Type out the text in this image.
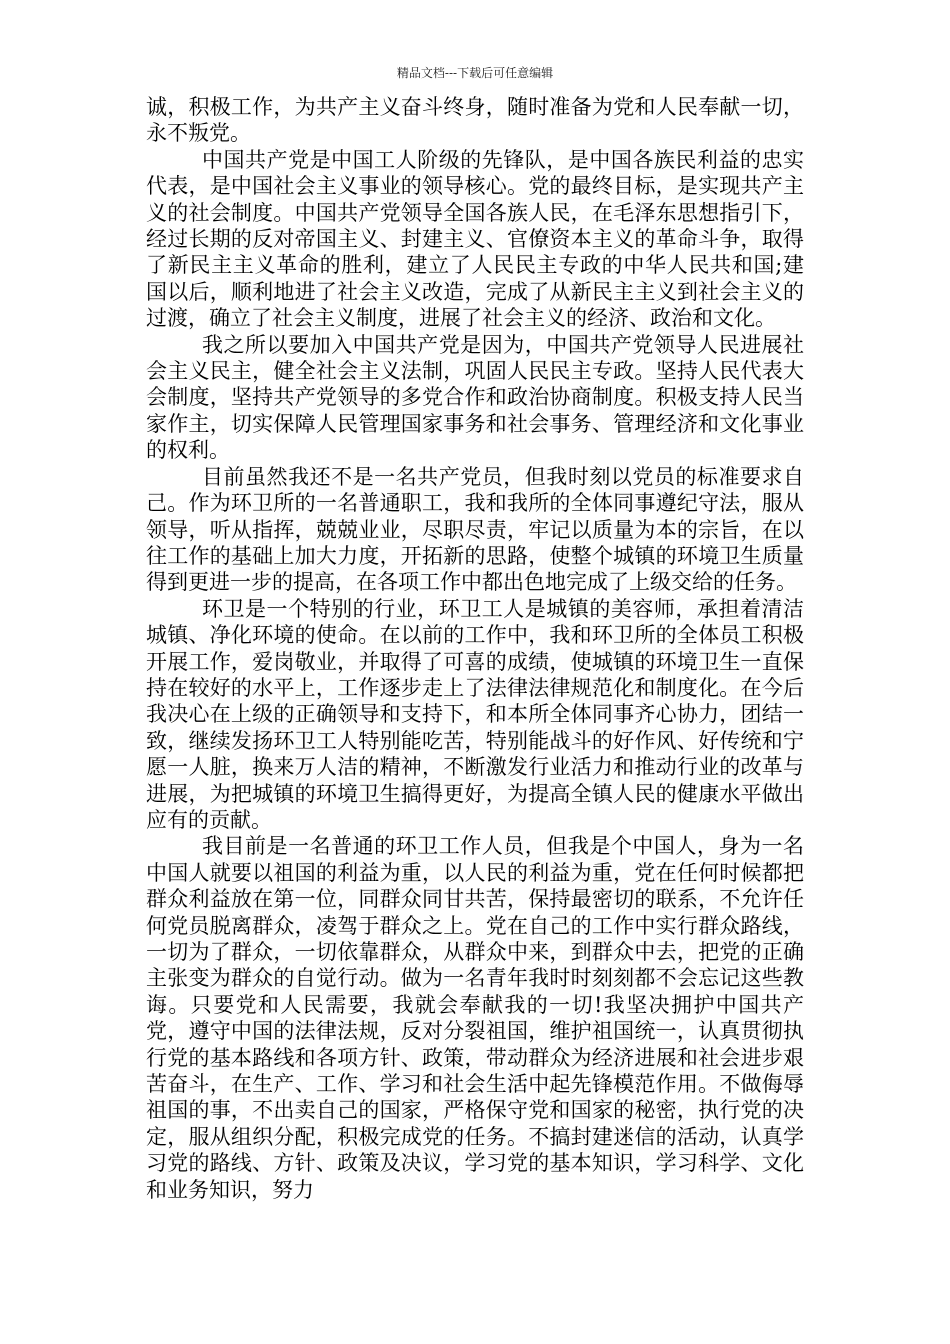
精品文档---下载后可任意编辑

诚，积极工作，为共产主义奋斗终身，随时准备为党和人民奉献一切，永不叛党。

中国共产党是中国工人阶级的先锋队，是中国各族民利益的忠实代表，是中国社会主义事业的领导核心。党的最终目标，是实现共产主义的社会制度。中国共产党领导全国各族人民，在毛泽东思想指引下，经过长期的反对帝国主义、封建主义、官僚资本主义的革命斗争，取得了新民主主义革命的胜利，建立了人民民主专政的中华人民共和国;建国以后，顺利地进了社会主义改造，完成了从新民主主义到社会主义的过渡，确立了社会主义制度，进展了社会主义的经济、政治和文化。

我之所以要加入中国共产党是因为，中国共产党领导人民进展社会主义民主，健全社会主义法制，巩固人民民主专政。坚持人民代表大会制度，坚持共产党领导的多党合作和政治协商制度。积极支持人民当家作主，切实保障人民管理国家事务和社会事务、管理经济和文化事业的权利。

目前虽然我还不是一名共产党员，但我时刻以党员的标准要求自己。作为环卫所的一名普通职工，我和我所的全体同事遵纪守法，服从领导，听从指挥，兢兢业业，尽职尽责，牢记以质量为本的宗旨，在以往工作的基础上加大力度，开拓新的思路，使整个城镇的环境卫生质量得到更进一步的提高，在各项工作中都出色地完成了上级交给的任务。

环卫是一个特别的行业，环卫工人是城镇的美容师，承担着清洁城镇、净化环境的使命。在以前的工作中，我和环卫所的全体员工积极开展工作，爱岗敬业，并取得了可喜的成绩，使城镇的环境卫生一直保持在较好的水平上，工作逐步走上了法律法律规范化和制度化。在今后我决心在上级的正确领导和支持下，和本所全体同事齐心协力，团结一致，继续发扬环卫工人特别能吃苦，特别能战斗的好作风、好传统和宁愿一人脏，换来万人洁的精神，不断激发行业活力和推动行业的改革与进展，为把城镇的环境卫生搞得更好，为提高全镇人民的健康水平做出应有的贡献。

我目前是一名普通的环卫工作人员，但我是个中国人，身为一名中国人就要以祖国的利益为重，以人民的利益为重，党在任何时候都把群众利益放在第一位，同群众同甘共苦，保持最密切的联系，不允许任何党员脱离群众，凌驾于群众之上。党在自己的工作中实行群众路线，一切为了群众，一切依靠群众，从群众中来，到群众中去，把党的正确主张变为群众的自觉行动。做为一名青年我时时刻刻都不会忘记这些教诲。只要党和人民需要，我就会奉献我的一切!我坚决拥护中国共产党，遵守中国的法律法规，反对分裂祖国，维护祖国统一，认真贯彻执行党的基本路线和各项方针、政策，带动群众为经济进展和社会进步艰苦奋斗，在生产、工作、学习和社会生活中起先锋模范作用。不做侮辱祖国的事，不出卖自己的国家，严格保守党和国家的秘密，执行党的决定，服从组织分配，积极完成党的任务。不搞封建迷信的活动，认真学习党的路线、方针、政策及决议，学习党的基本知识，学习科学、文化和业务知识，努力
